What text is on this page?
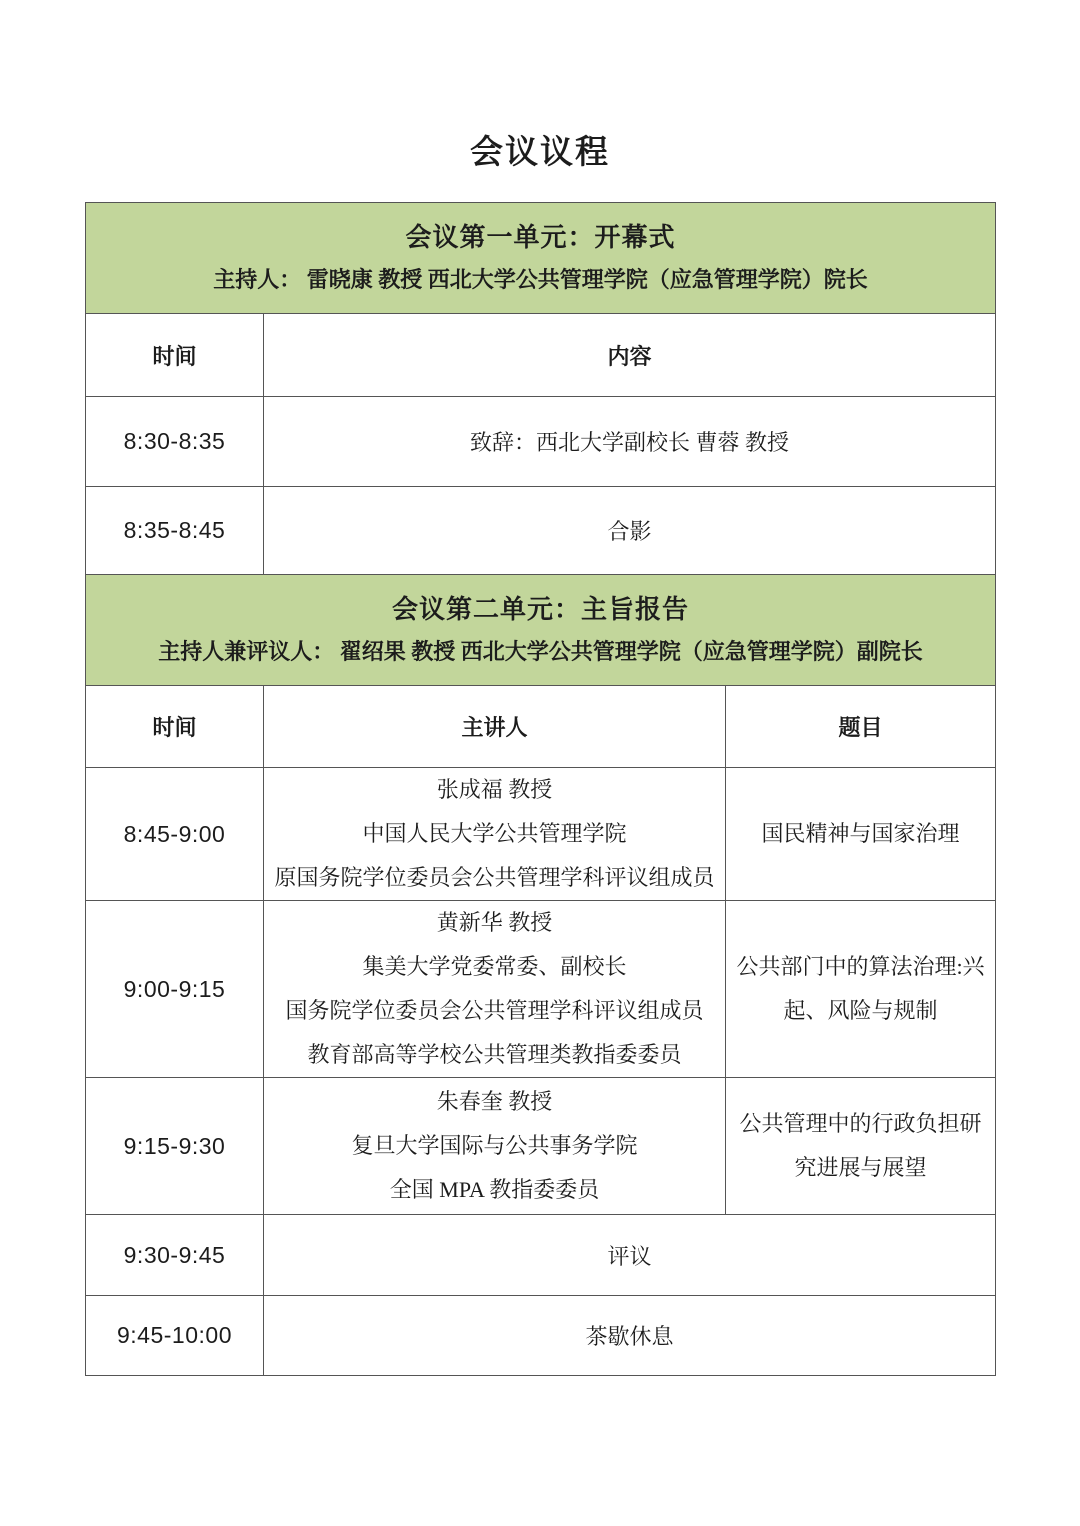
会议议程
会议第一单元：开幕式
主持人： 雷晓康 教授 西北大学公共管理学院（应急管理学院）院长		

时间	内容	
8:30-8:35	致辞：西北大学副校长 曹蓉 教授	
8:35-8:45	合影	

会议第二单元：主旨报告
主持人兼评议人： 翟绍果 教授 西北大学公共管理学院（应急管理学院）副院长		

时间	主讲人	题目
8:45-9:00	张成福 教授
中国人民大学公共管理学院
原国务院学位委员会公共管理学科评议组成员	国民精神与国家治理
9:00-9:15	黄新华 教授
集美大学党委常委、副校长
国务院学位委员会公共管理学科评议组成员
教育部高等学校公共管理类教指委委员	公共部门中的算法治理:兴起、风险与规制
9:15-9:30	朱春奎 教授
复旦大学国际与公共事务学院
全国 MPA 教指委委员	公共管理中的行政负担研究进展与展望
9:30-9:45	评议	
9:45-10:00	茶歇休息	
